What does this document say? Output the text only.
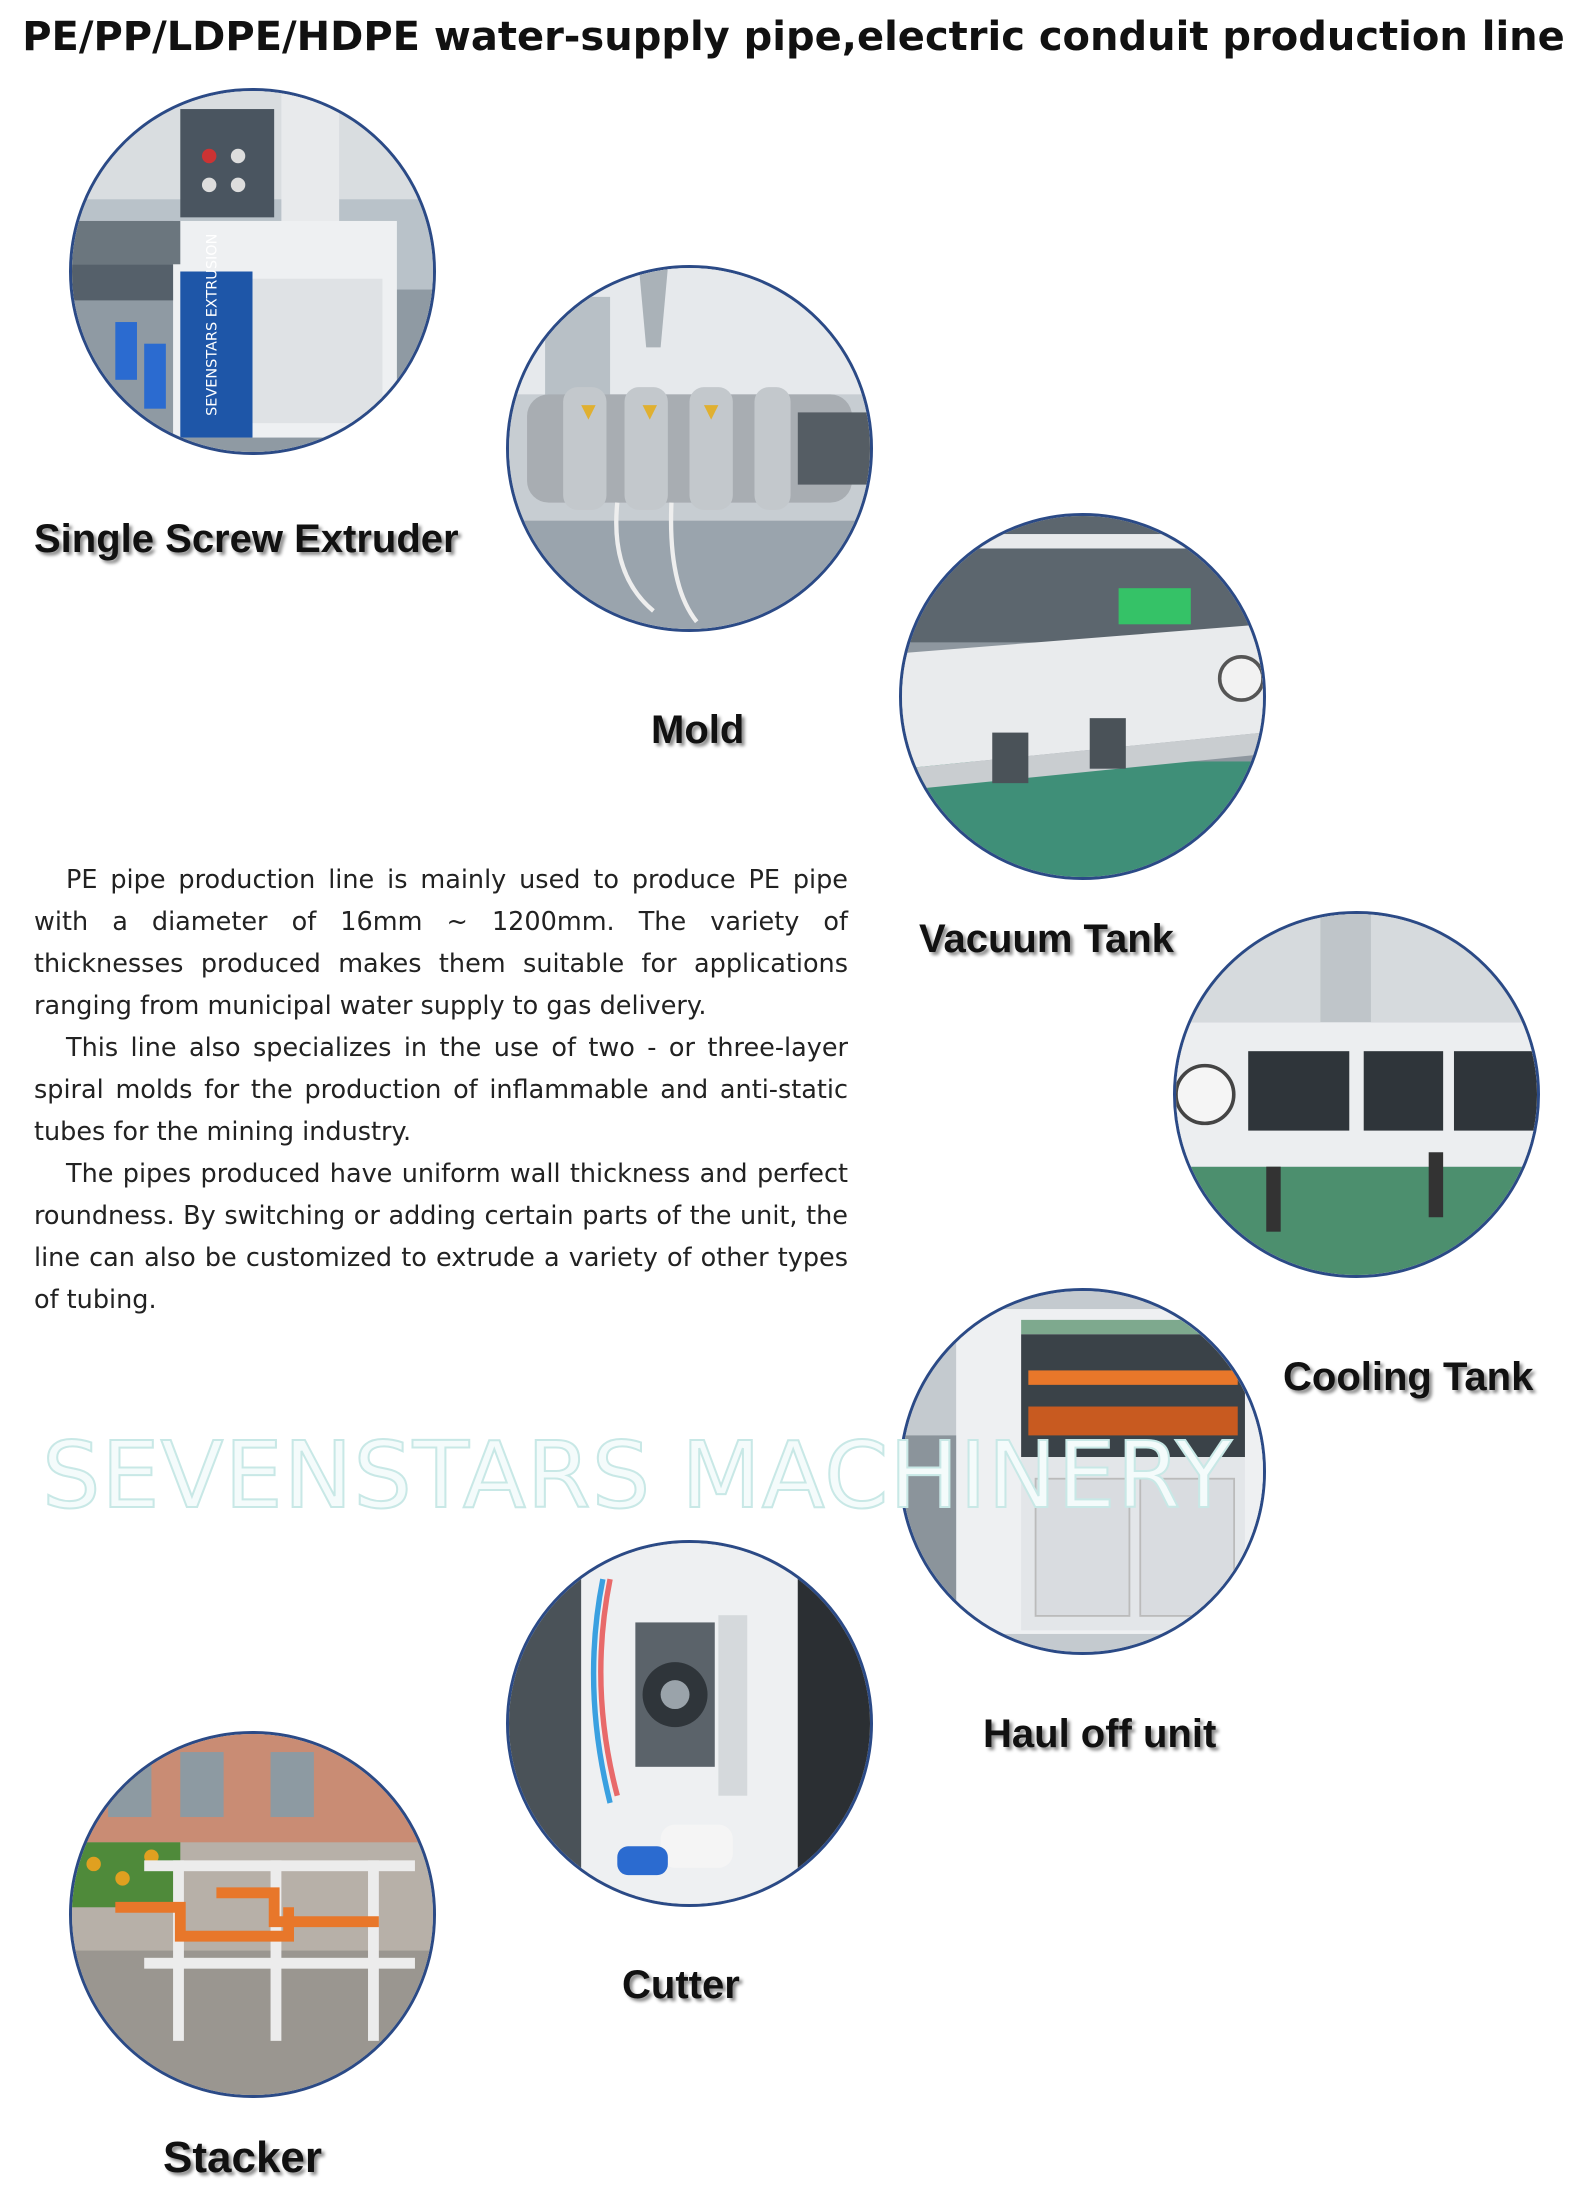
PE/PP/LDPE/HDPE water-supply pipe,electric conduit production line
SEVENSTARS EXTRUSION
Single Screw Extruder
Mold
Vacuum Tank
Cooling Tank
Haul off unit
Cutter
Stacker

PE pipe production line is mainly used to produce PE pipe with a diameter of 16mm ~ 1200mm. The variety of thicknesses produced makes them suitable for applications ranging from municipal water supply to gas delivery.

This line also specializes in the use of two - or three-layer spiral molds for the production of inflammable and anti-static tubes for the mining industry.

The pipes produced have uniform wall thickness and perfect roundness. By switching or adding certain parts of the unit, the line can also be customized to extrude a variety of other types of tubing.

SEVENSTARS MACHINERY
